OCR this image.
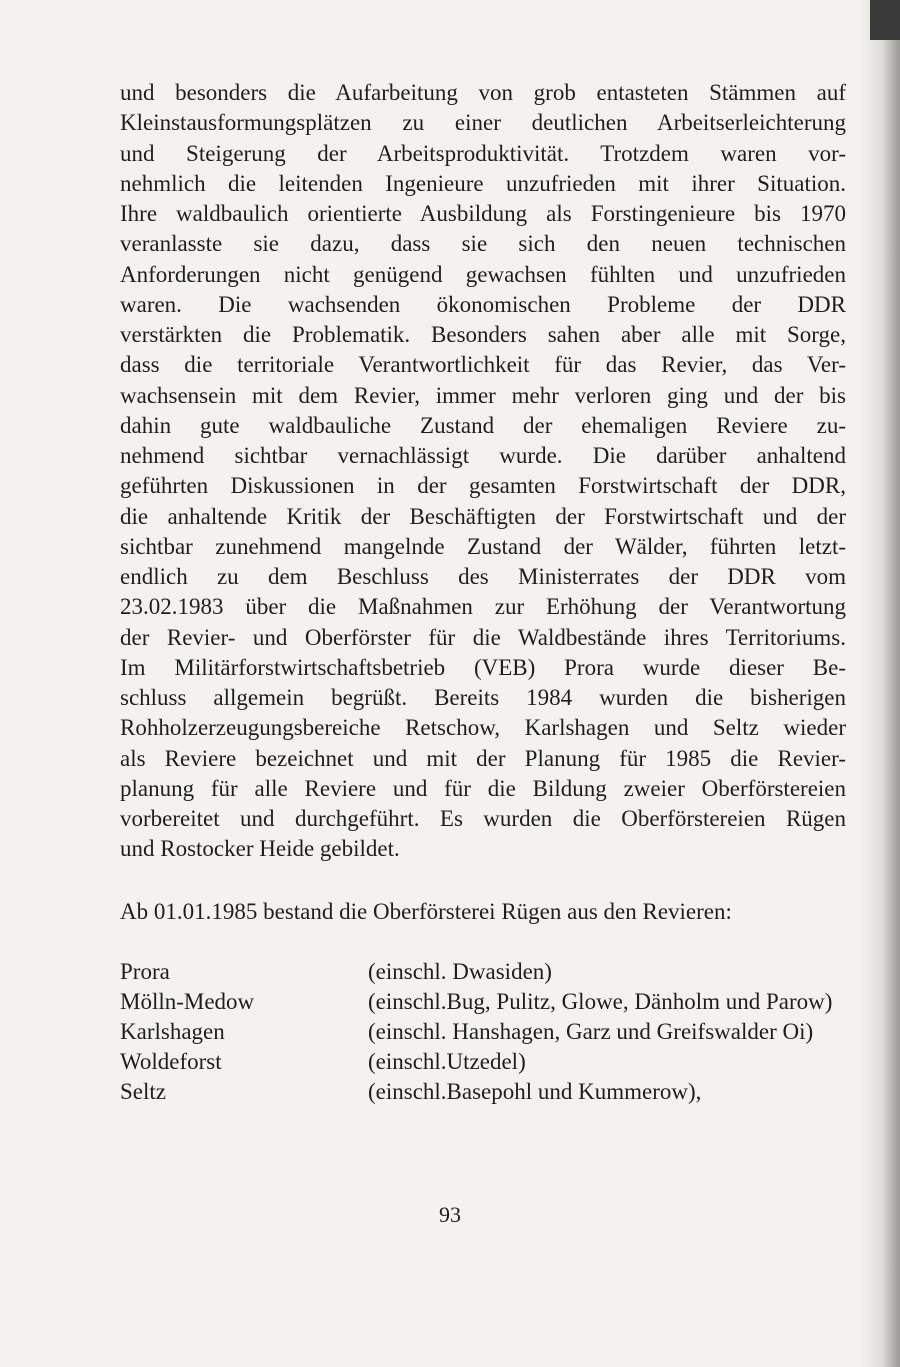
und besonders die Aufarbeitung von grob entasteten Stämmen auf
Kleinstausformungsplätzen zu einer deutlichen Arbeitserleichterung
und Steigerung der Arbeitsproduktivität. Trotzdem waren vor-
nehmlich die leitenden Ingenieure unzufrieden mit ihrer Situation.
Ihre waldbaulich orientierte Ausbildung als Forstingenieure bis 1970
veranlasste sie dazu, dass sie sich den neuen technischen
Anforderungen nicht genügend gewachsen fühlten und unzufrieden
waren. Die wachsenden ökonomischen Probleme der DDR
verstärkten die Problematik. Besonders sahen aber alle mit Sorge,
dass die territoriale Verantwortlichkeit für das Revier, das Ver-
wachsensein mit dem Revier, immer mehr verloren ging und der bis
dahin gute waldbauliche Zustand der ehemaligen Reviere zu-
nehmend sichtbar vernachlässigt wurde. Die darüber anhaltend
geführten Diskussionen in der gesamten Forstwirtschaft der DDR,
die anhaltende Kritik der Beschäftigten der Forstwirtschaft und der
sichtbar zunehmend mangelnde Zustand der Wälder, führten letzt-
endlich zu dem Beschluss des Ministerrates der DDR vom
23.02.1983 über die Maßnahmen zur Erhöhung der Verantwortung
der Revier- und Oberförster für die Waldbestände ihres Territoriums.
Im Militärforstwirtschaftsbetrieb (VEB) Prora wurde dieser Be-
schluss allgemein begrüßt. Bereits 1984 wurden die bisherigen
Rohholzerzeugungsbereiche Retschow, Karlshagen und Seltz wieder
als Reviere bezeichnet und mit der Planung für 1985 die Revier-
planung für alle Reviere und für die Bildung zweier Oberförstereien
vorbereitet und durchgeführt. Es wurden die Oberförstereien Rügen
und Rostocker Heide gebildet.
Ab 01.01.1985 bestand die Oberförsterei Rügen aus den Revieren:
Prora	(einschl. Dwasiden)
Mölln-Medow	(einschl.Bug, Pulitz, Glowe, Dänholm und Parow)
Karlshagen	(einschl. Hanshagen, Garz und Greifswalder Oi)
Woldeforst	(einschl.Utzedel)
Seltz	(einschl.Basepohl und Kummerow),
93
